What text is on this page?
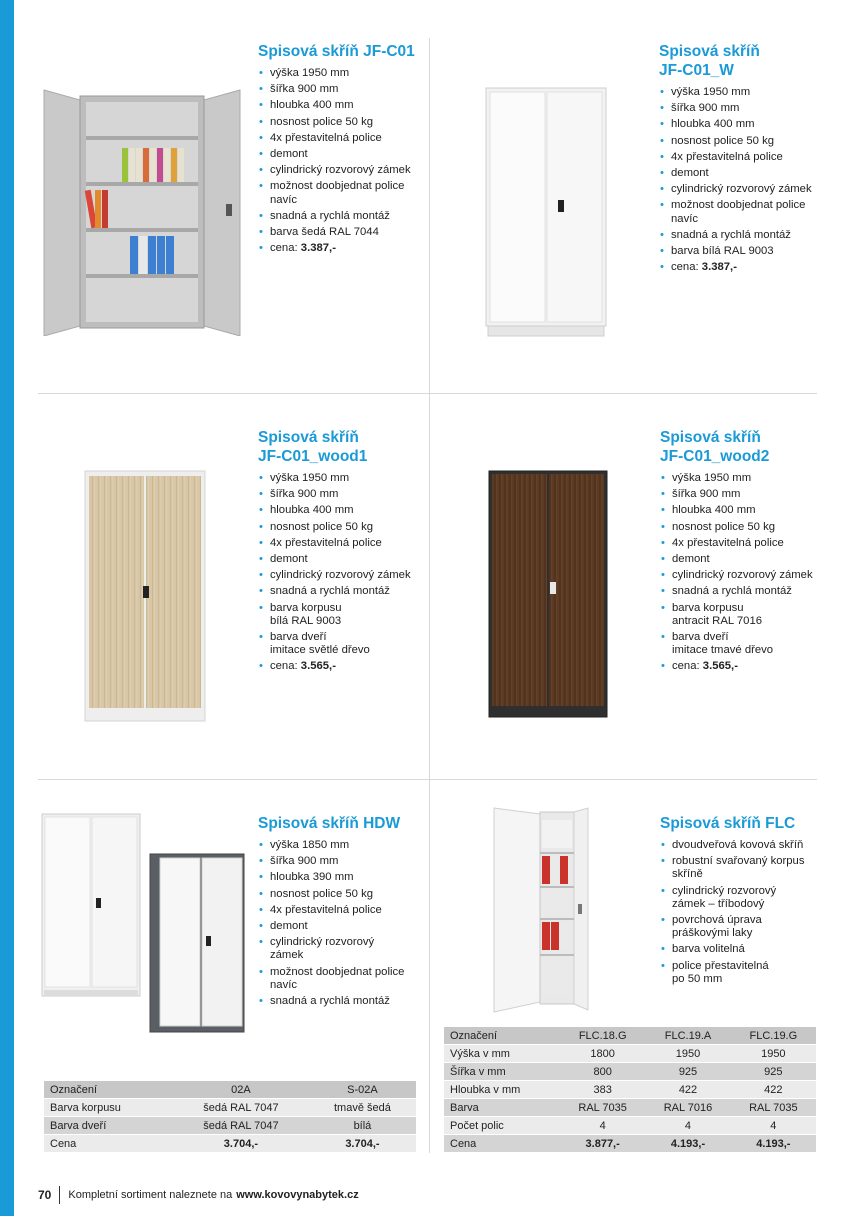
Spisová skříň JF-C01
• výška 1950 mm
• šířka 900 mm
• hloubka 400 mm
• nosnost police 50 kg
• 4x přestavitelná police
• demont
• cylindrický rozvorový zámek
• možnost doobjednat police
navíc
• snadná a rychlá montáž
• barva šedá RAL 7044
• cena: 3.387,-
Spisová skříň
JF-C01_W
• výška 1950 mm
• šířka 900 mm
• hloubka 400 mm
• nosnost police 50 kg
• 4x přestavitelná police
• demont
• cylindrický rozvorový zámek
• možnost doobjednat police
navíc
• snadná a rychlá montáž
• barva bílá RAL 9003
• cena: 3.387,-
Spisová skříň
JF-C01_wood1
• výška 1950 mm
• šířka 900 mm
• hloubka 400 mm
• nosnost police 50 kg
• 4x přestavitelná police
• demont
• cylindrický rozvorový zámek
• snadná a rychlá montáž
• barva korpusu
bílá RAL 9003
• barva dveří
imitace světlé dřevo
• cena: 3.565,-
Spisová skříň
JF-C01_wood2
• výška 1950 mm
• šířka 900 mm
• hloubka 400 mm
• nosnost police 50 kg
• 4x přestavitelná police
• demont
• cylindrický rozvorový zámek
• snadná a rychlá montáž
• barva korpusu
antracit RAL 7016
• barva dveří
imitace tmavé dřevo
• cena: 3.565,-
Spisová skříň HDW
• výška 1850 mm
• šířka 900 mm
• hloubka 390 mm
• nosnost police 50 kg
• 4x přestavitelná police
• demont
• cylindrický rozvorový
zámek
• možnost doobjednat police
navíc
• snadná a rychlá montáž
Označení	02A	S-02A
Barva korpusu	šedá RAL 7047	tmavě šedá
Barva dveří	šedá RAL 7047	bílá
Cena	3.704,-	3.704,-
Spisová skříň FLC
• dvoudveřová kovová skříň
• robustní svařovaný korpus
skříně
• cylindrický rozvorový
zámek – tříbodový
• povrchová úprava
práškovými laky
• barva volitelná
• police přestavitelná
po 50 mm
Označení	FLC.18.G	FLC.19.A	FLC.19.G
Výška v mm	1800	1950	1950
Šířka v mm	800	925	925
Hloubka v mm	383	422	422
Barva	RAL 7035	RAL 7016	RAL 7035
Počet polic	4	4	4
Cena	3.877,-	4.193,-	4.193,-
70 Kompletní sortiment naleznete na www.kovovynabytek.cz
